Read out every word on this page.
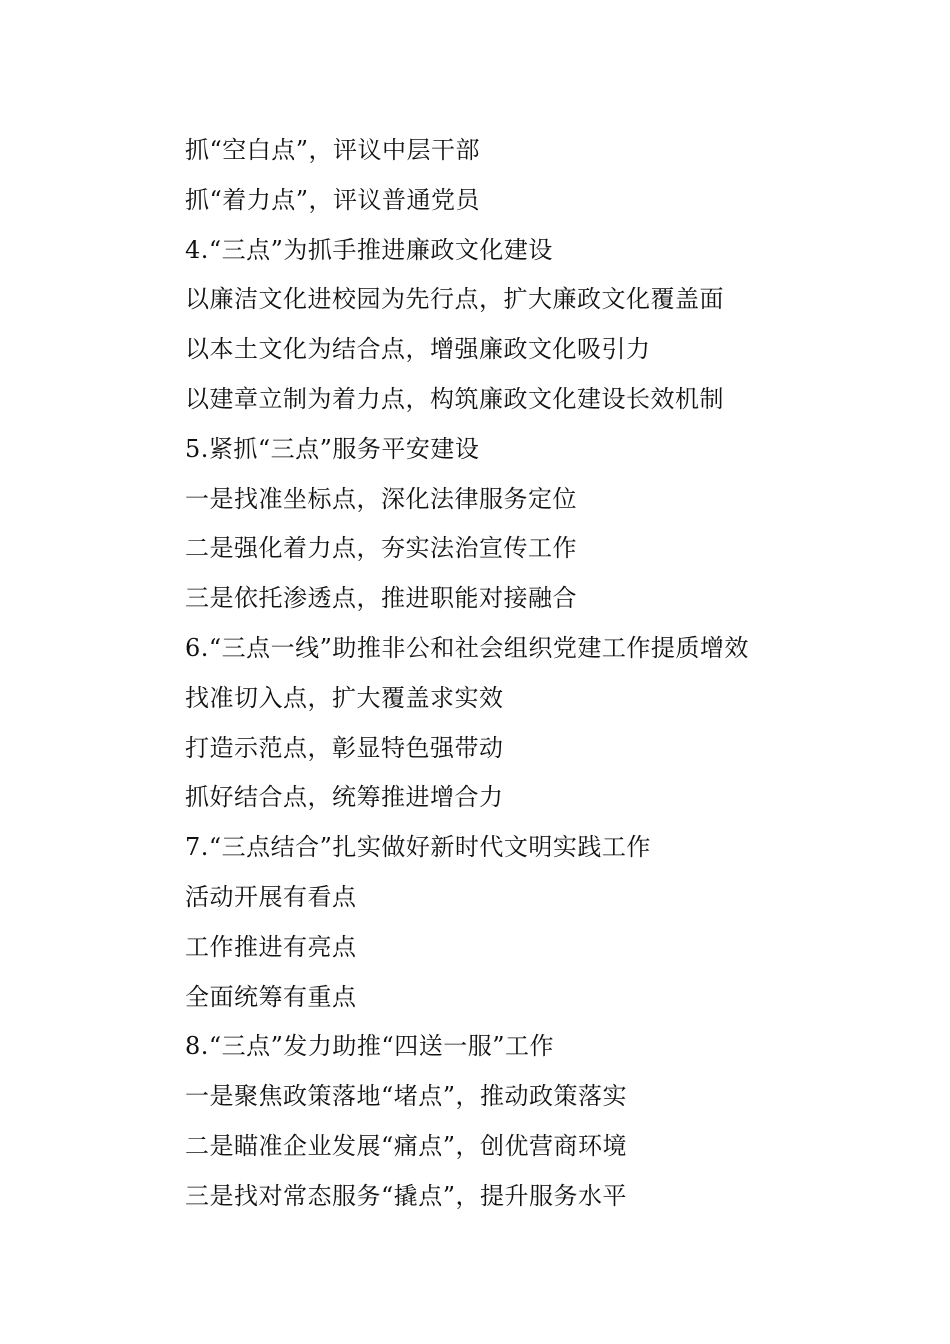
抓“空白点”，评议中层干部
抓“着力点”，评议普通党员
4.“三点”为抓手推进廉政文化建设
以廉洁文化进校园为先行点，扩大廉政文化覆盖面
以本土文化为结合点，增强廉政文化吸引力
以建章立制为着力点，构筑廉政文化建设长效机制
5.紧抓“三点”服务平安建设
一是找准坐标点，深化法律服务定位
二是强化着力点，夯实法治宣传工作
三是依托渗透点，推进职能对接融合
6.“三点一线”助推非公和社会组织党建工作提质增效
找准切入点，扩大覆盖求实效
打造示范点，彰显特色强带动
抓好结合点，统筹推进增合力
7.“三点结合”扎实做好新时代文明实践工作
活动开展有看点
工作推进有亮点
全面统筹有重点
8.“三点”发力助推“四送一服”工作
一是聚焦政策落地“堵点”，推动政策落实
二是瞄准企业发展“痛点”，创优营商环境
三是找对常态服务“撬点”，提升服务水平
